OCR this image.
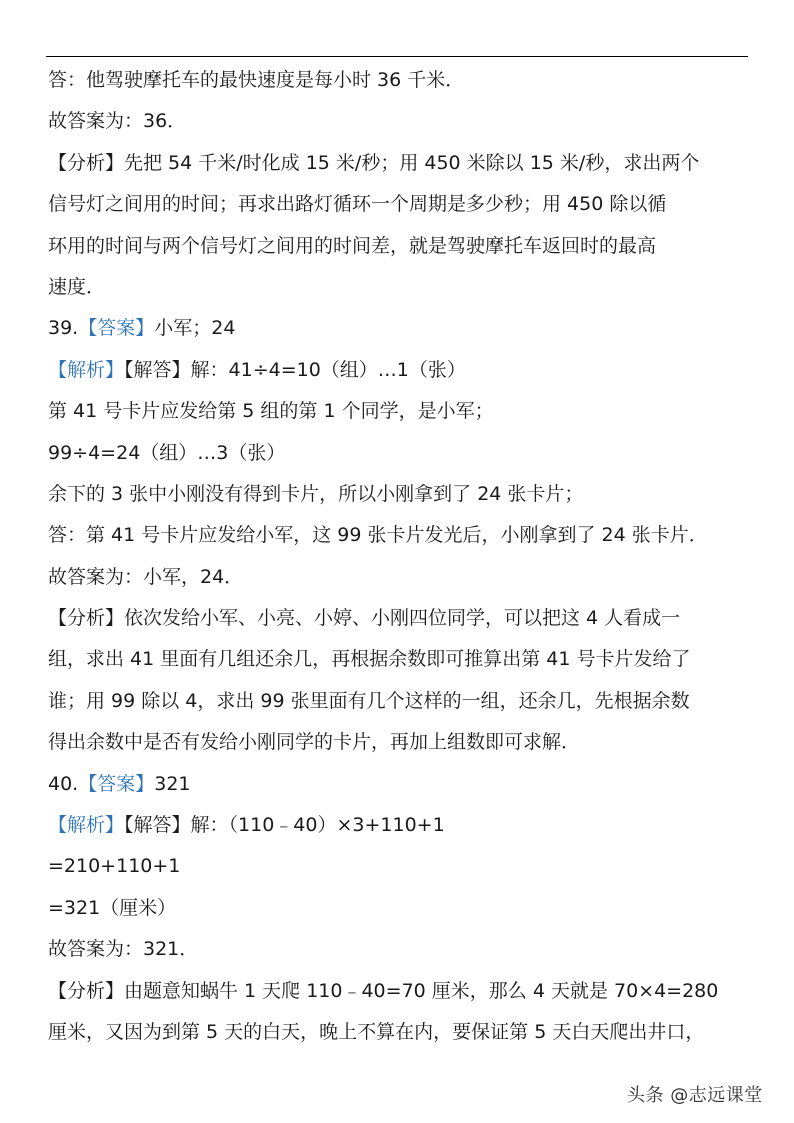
答：他驾驶摩托车的最快速度是每小时 36 千米．
故答案为：36．
【分析】先把 54 千米/时化成 15 米/秒；用 450 米除以 15 米/秒，求出两个
信号灯之间用的时间；再求出路灯循环一个周期是多少秒；用 450 除以循
环用的时间与两个信号灯之间用的时间差，就是驾驶摩托车返回时的最高
速度．
39.【答案】小军；24
【解析】【解答】解：41÷4=10（组）…1（张）
第 41 号卡片应发给第 5 组的第 1 个同学，是小军；
99÷4=24（组）…3（张）
余下的 3 张中小刚没有得到卡片，所以小刚拿到了 24 张卡片；
答：第 41 号卡片应发给小军，这 99 张卡片发光后，小刚拿到了 24 张卡片．
故答案为：小军，24．
【分析】依次发给小军、小亮、小婷、小刚四位同学，可以把这 4 人看成一
组，求出 41 里面有几组还余几，再根据余数即可推算出第 41 号卡片发给了
谁；用 99 除以 4，求出 99 张里面有几个这样的一组，还余几，先根据余数
得出余数中是否有发给小刚同学的卡片，再加上组数即可求解．
40.【答案】321
【解析】【解答】解：（110﹣40）×3+110+1
=210+110+1
=321（厘米）
故答案为：321．
【分析】由题意知蜗牛 1 天爬 110﹣40=70 厘米，那么 4 天就是 70×4=280
厘米，又因为到第 5 天的白天，晚上不算在内，要保证第 5 天白天爬出井口，
头条 @志远课堂
